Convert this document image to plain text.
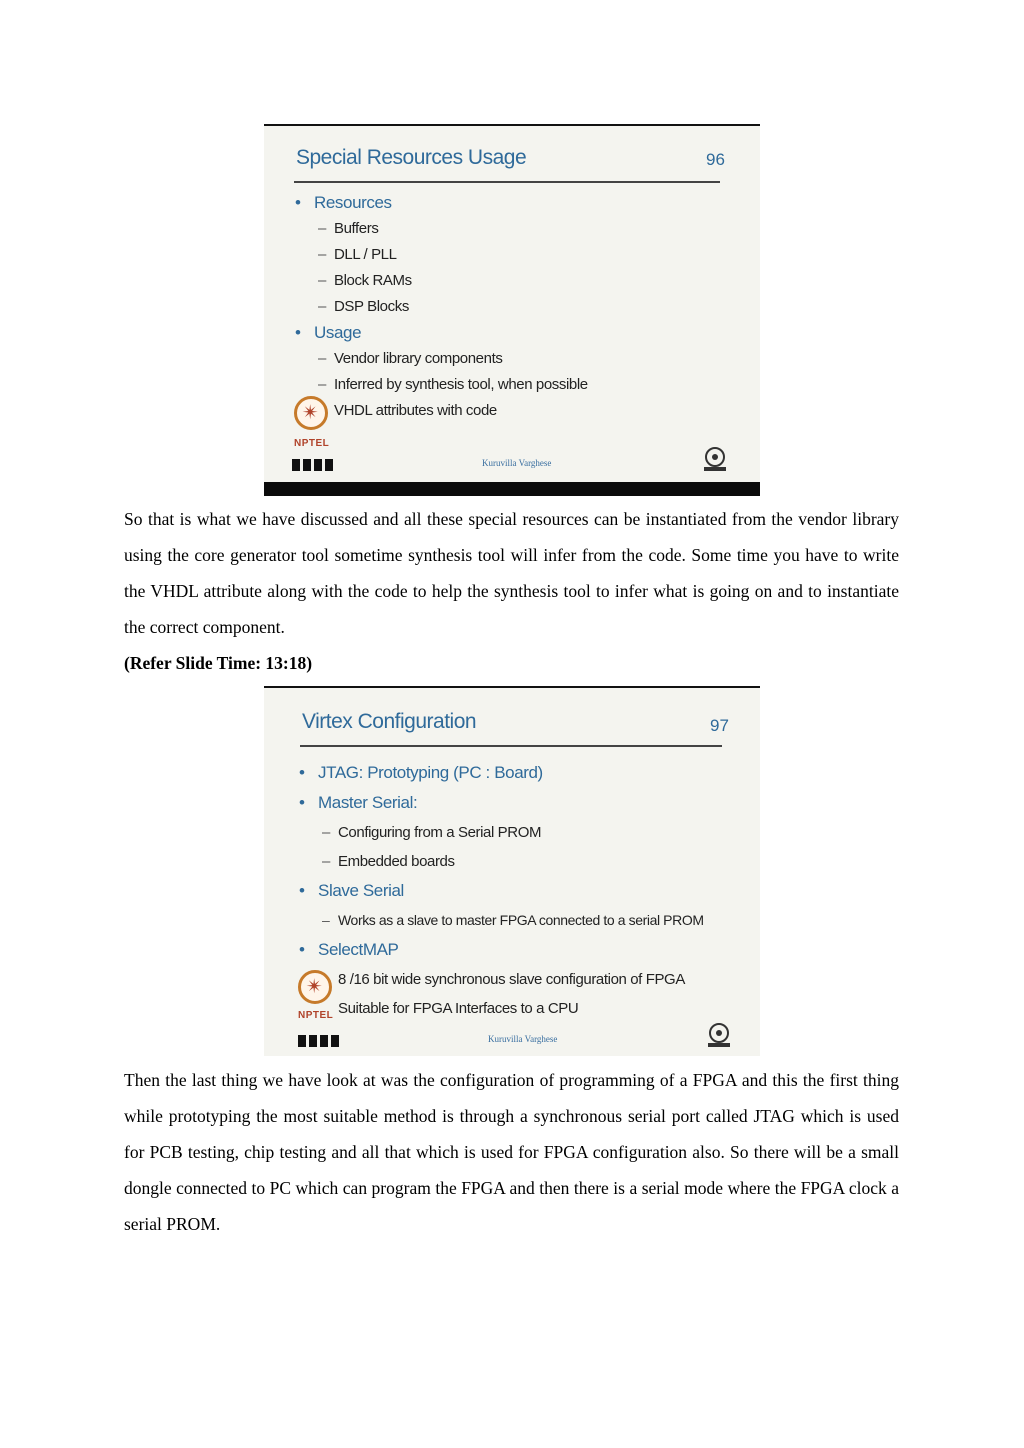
Special Resources Usage	96
• Resources
– Buffers
– DLL / PLL
– Block RAMs
– DSP Blocks
• Usage
– Vendor library components
– Inferred by synthesis tool, when possible
VHDL attributes with code
✴
NPTEL
Kuruvilla Varghese

So that is what we have discussed and all these special resources can be instantiated from the vendor library using the core generator tool sometime synthesis tool will infer from the code. Some time you have to write the VHDL attribute along with the code to help the synthesis tool to infer what is going on and to instantiate the correct component.

(Refer Slide Time: 13:18)

Virtex Configuration	97
• JTAG: Prototyping (PC : Board)
• Master Serial:
– Configuring from a Serial PROM
– Embedded boards
• Slave Serial
– Works as a slave to master FPGA connected to a serial PROM
• SelectMAP
8 /16 bit wide synchronous slave configuration of FPGA
Suitable for FPGA Interfaces to a CPU
✴
NPTEL
Kuruvilla Varghese

Then the last thing we have look at was the configuration of programming of a FPGA and this the first thing while prototyping the most suitable method is through a synchronous serial port called JTAG which is used for PCB testing, chip testing and all that which is used for FPGA configuration also. So there will be a small dongle connected to PC which can program the FPGA and then there is a serial mode where the FPGA clock a serial PROM.
